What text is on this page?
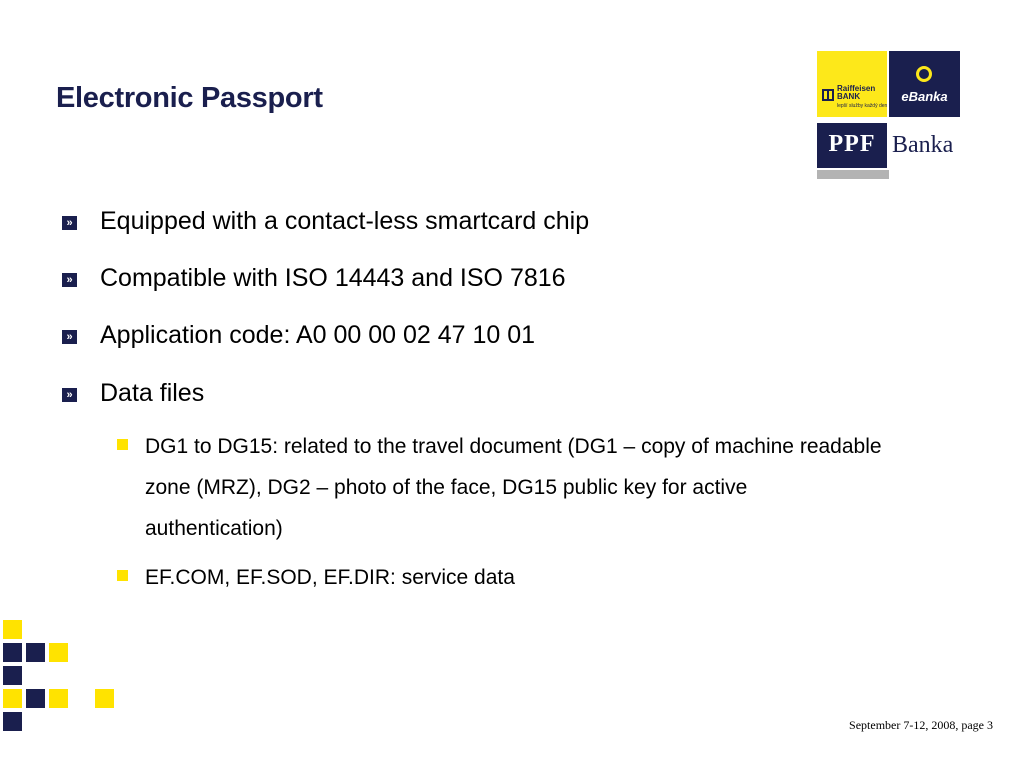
Electronic Passport	Raiffeisen
BANK
lepší služby každý den
eBanka
PPF Banka
» Equipped with a contact-less smartcard chip
» Compatible with ISO 14443 and ISO 7816
» Application code: A0 00 00 02 47 10 01
» Data files
DG1 to DG15: related to the travel document (DG1 – copy of machine readable zone (MRZ), DG2 – photo of the face, DG15 public key for active authentication)
EF.COM, EF.SOD, EF.DIR: service data
September 7-12, 2008, page 3
